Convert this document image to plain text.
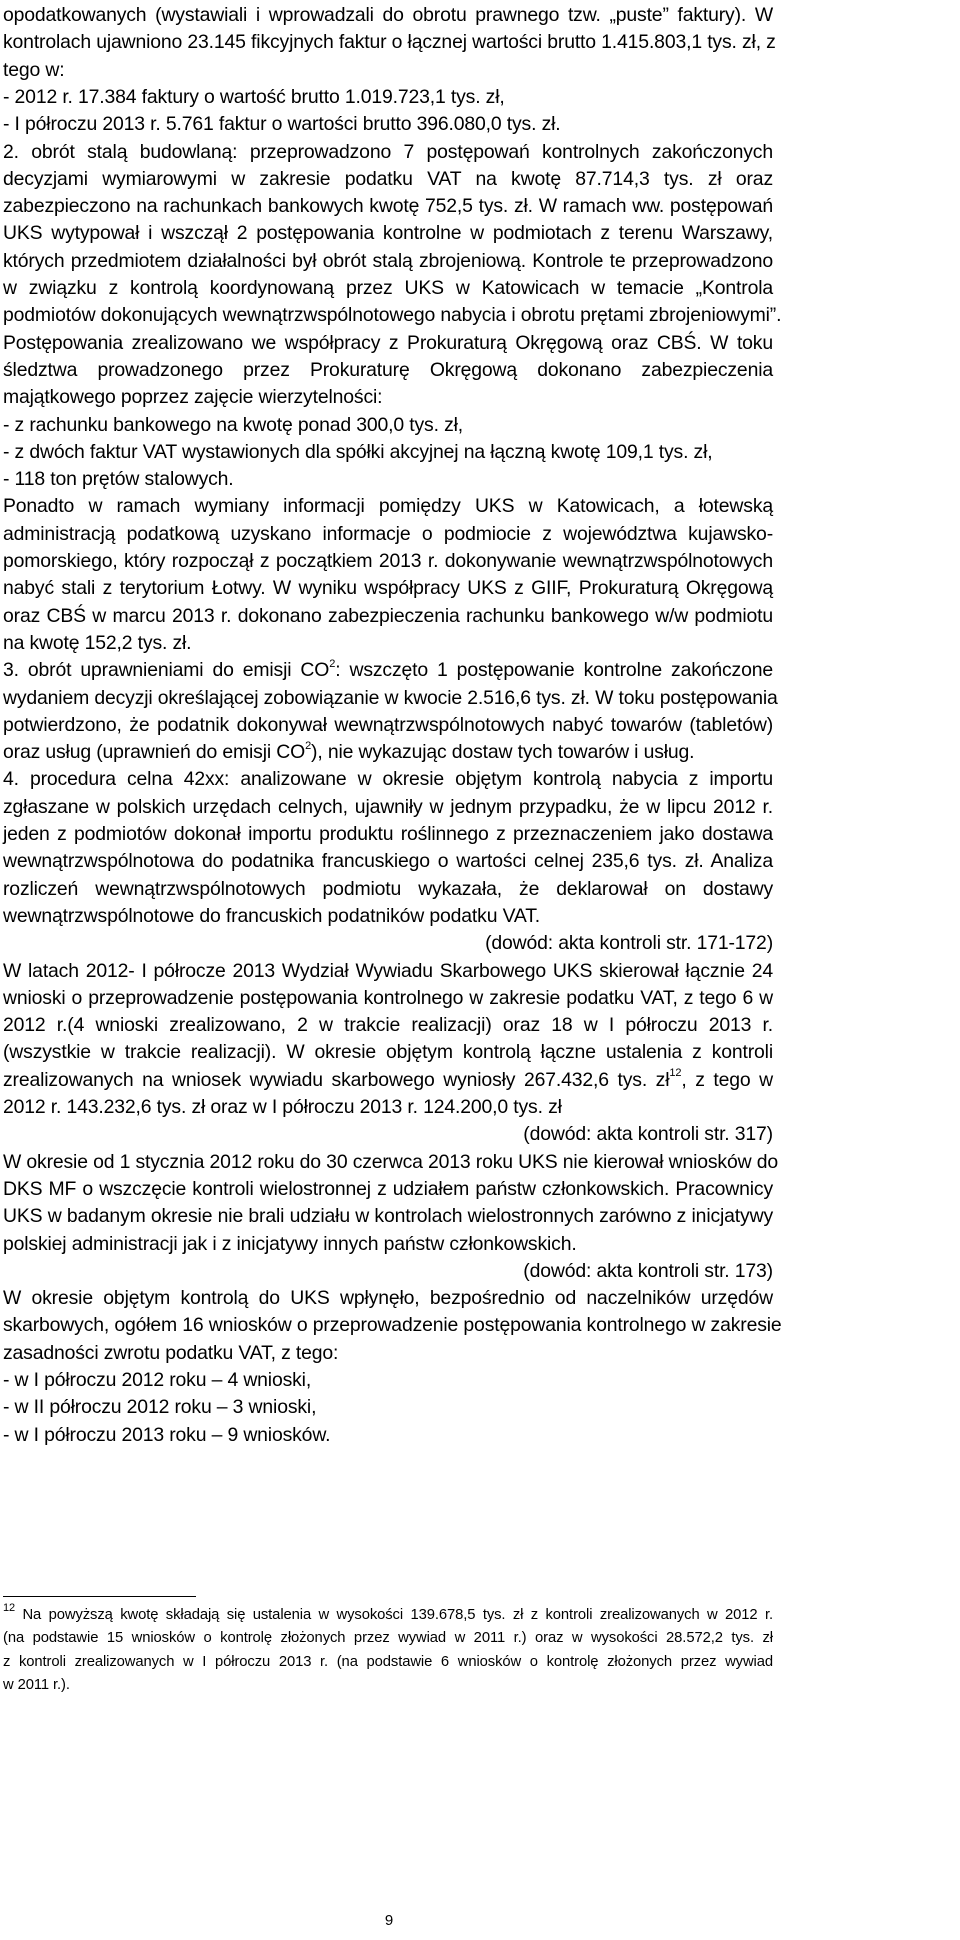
opodatkowanych (wystawiali i wprowadzali do obrotu prawnego tzw. „puste” faktury). W
kontrolach ujawniono 23.145 fikcyjnych faktur o łącznej wartości brutto 1.415.803,1 tys. zł, z
tego w:
- 2012 r. 17.384 faktury o wartość brutto 1.019.723,1 tys. zł,
- I półroczu 2013 r. 5.761 faktur o wartości brutto 396.080,0 tys. zł.
2. obrót stalą budowlaną: przeprowadzono 7 postępowań kontrolnych zakończonych
decyzjami wymiarowymi w zakresie podatku VAT na kwotę 87.714,3 tys. zł oraz
zabezpieczono na rachunkach bankowych kwotę 752,5 tys. zł. W ramach ww. postępowań
UKS wytypował i wszczął 2 postępowania kontrolne w podmiotach z terenu Warszawy,
których przedmiotem działalności był obrót stalą zbrojeniową. Kontrole te przeprowadzono
w związku z kontrolą koordynowaną przez UKS w Katowicach w temacie „Kontrola
podmiotów dokonujących wewnątrzwspólnotowego nabycia i obrotu prętami zbrojeniowymi”.
Postępowania zrealizowano we współpracy z Prokuraturą Okręgową oraz CBŚ. W toku
śledztwa prowadzonego przez Prokuraturę Okręgową dokonano zabezpieczenia
majątkowego poprzez zajęcie wierzytelności:
- z rachunku bankowego na kwotę ponad 300,0 tys. zł,
- z dwóch faktur VAT wystawionych dla spółki akcyjnej na łączną kwotę 109,1 tys. zł,
- 118 ton prętów stalowych.
Ponadto w ramach wymiany informacji pomiędzy UKS w Katowicach, a łotewską
administracją podatkową uzyskano informacje o podmiocie z województwa kujawsko-
pomorskiego, który rozpoczął z początkiem 2013 r. dokonywanie wewnątrzwspólnotowych
nabyć stali z terytorium Łotwy. W wyniku współpracy UKS z GIIF, Prokuraturą Okręgową
oraz CBŚ w marcu 2013 r. dokonano zabezpieczenia rachunku bankowego w/w podmiotu
na kwotę 152,2 tys. zł.
3. obrót uprawnieniami do emisji $CO^2$: wszczęto 1 postępowanie kontrolne zakończone
wydaniem decyzji określającej zobowiązanie w kwocie 2.516,6 tys. zł. W toku postępowania
potwierdzono, że podatnik dokonywał wewnątrzwspólnotowych nabyć towarów (tabletów)
oraz usług (uprawnień do emisji $CO^2$), nie wykazując dostaw tych towarów i usług.
4. procedura celna 42xx: analizowane w okresie objętym kontrolą nabycia z importu
zgłaszane w polskich urzędach celnych, ujawniły w jednym przypadku, że w lipcu 2012 r.
jeden z podmiotów dokonał importu produktu roślinnego z przeznaczeniem jako dostawa
wewnątrzwspólnotowa do podatnika francuskiego o wartości celnej 235,6 tys. zł. Analiza
rozliczeń wewnątrzwspólnotowych podmiotu wykazała, że deklarował on dostawy
wewnątrzwspólnotowe do francuskich podatników podatku VAT.
(dowód: akta kontroli str. 171-172)
W latach 2012- I półrocze 2013 Wydział Wywiadu Skarbowego UKS skierował łącznie 24
wnioski o przeprowadzenie postępowania kontrolnego w zakresie podatku VAT, z tego 6 w
2012 r.(4 wnioski zrealizowano, 2 w trakcie realizacji) oraz 18 w I półroczu 2013 r.
(wszystkie w trakcie realizacji). W okresie objętym kontrolą łączne ustalenia z kontroli
zrealizowanych na wniosek wywiadu skarbowego wyniosły 267.432,6 tys. $zł^{12}$, z tego w
2012 r. 143.232,6 tys. zł oraz w I półroczu 2013 r. 124.200,0 tys. zł
(dowód: akta kontroli str. 317)
W okresie od 1 stycznia 2012 roku do 30 czerwca 2013 roku UKS nie kierował wniosków do
DKS MF o wszczęcie kontroli wielostronnej z udziałem państw członkowskich. Pracownicy
UKS w badanym okresie nie brali udziału w kontrolach wielostronnych zarówno z inicjatywy
polskiej administracji jak i z inicjatywy innych państw członkowskich.
(dowód: akta kontroli str. 173)
W okresie objętym kontrolą do UKS wpłynęło, bezpośrednio od naczelników urzędów
skarbowych, ogółem 16 wniosków o przeprowadzenie postępowania kontrolnego w zakresie
zasadności zwrotu podatku VAT, z tego:
- w I półroczu 2012 roku – 4 wnioski,
- w II półroczu 2012 roku – 3 wnioski,
- w I półroczu 2013 roku – 9 wniosków.
$^{12}$ Na powyższą kwotę składają się ustalenia w wysokości 139.678,5 tys. zł z kontroli zrealizowanych w 2012 r.
(na podstawie 15 wniosków o kontrolę złożonych przez wywiad w 2011 r.) oraz w wysokości 28.572,2 tys. zł
z kontroli zrealizowanych w I półroczu 2013 r. (na podstawie 6 wniosków o kontrolę złożonych przez wywiad
w 2011 r.).
9
